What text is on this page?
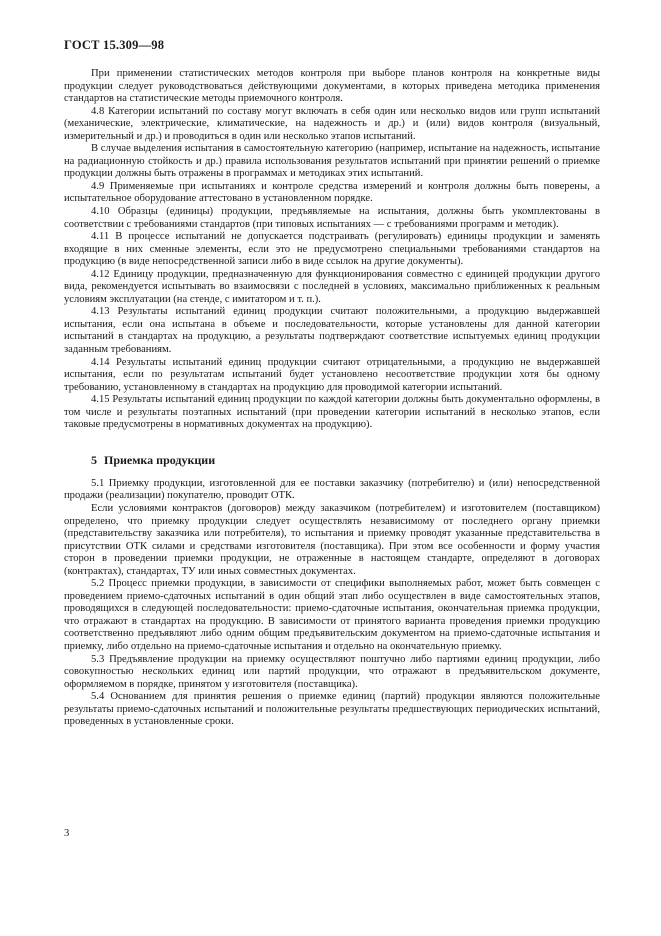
ГОСТ 15.309—98

При применении статистических методов контроля при выборе планов контроля на конкретные виды продукции следует руководствоваться действующими документами, в которых приведена методика применения стандартов на статистические методы приемочного контроля.

4.8 Категории испытаний по составу могут включать в себя один или несколько видов или групп испытаний (механические, электрические, климатические, на надежность и др.) и (или) видов контроля (визуальный, измерительный и др.) и проводиться в один или несколько этапов испытаний.

В случае выделения испытания в самостоятельную категорию (например, испытание на надежность, испытание на радиационную стойкость и др.) правила использования результатов испытаний при принятии решений о приемке продукции должны быть отражены в программах и методиках этих испытаний.

4.9 Применяемые при испытаниях и контроле средства измерений и контроля должны быть поверены, а испытательное оборудование аттестовано в установленном порядке.

4.10 Образцы (единицы) продукции, предъявляемые на испытания, должны быть укомплектованы в соответствии с требованиями стандартов (при типовых испытаниях — с требованиями программ и методик).

4.11 В процессе испытаний не допускается подстраивать (регулировать) единицы продукции и заменять входящие в них сменные элементы, если это не предусмотрено специальными требованиями стандартов на продукцию (в виде непосредственной записи либо в виде ссылок на другие документы).

4.12 Единицу продукции, предназначенную для функционирования совместно с единицей продукции другого вида, рекомендуется испытывать во взаимосвязи с последней в условиях, максимально приближенных к реальным условиям эксплуатации (на стенде, с имитатором и т. п.).

4.13 Результаты испытаний единиц продукции считают положительными, а продукцию выдержавшей испытания, если она испытана в объеме и последовательности, которые установлены для данной категории испытаний в стандартах на продукцию, а результаты подтверждают соответствие испытуемых единиц продукции заданным требованиям.

4.14 Результаты испытаний единиц продукции считают отрицательными, а продукцию не выдержавшей испытания, если по результатам испытаний будет установлено несоответствие продукции хотя бы одному требованию, установленному в стандартах на продукцию для проводимой категории испытаний.

4.15 Результаты испытаний единиц продукции по каждой категории должны быть документально оформлены, в том числе и результаты поэтапных испытаний (при проведении категории испытаний в несколько этапов, если таковые предусмотрены в нормативных документах на продукцию).

5 Приемка продукции

5.1 Приемку продукции, изготовленной для ее поставки заказчику (потребителю) и (или) непосредственной продажи (реализации) покупателю, проводит ОТК.

Если условиями контрактов (договоров) между заказчиком (потребителем) и изготовителем (поставщиком) определено, что приемку продукции следует осуществлять независимому от последнего органу приемки (представительству заказчика или потребителя), то испытания и приемку проводят указанные представительства в присутствии ОТК силами и средствами изготовителя (поставщика). При этом все особенности и форму участия сторон в проведении приемки продукции, не отраженные в настоящем стандарте, определяют в договорах (контрактах), стандартах, ТУ или иных совместных документах.

5.2 Процесс приемки продукции, в зависимости от специфики выполняемых работ, может быть совмещен с проведением приемо-сдаточных испытаний в один общий этап либо осуществлен в виде самостоятельных этапов, проводящихся в следующей последовательности: приемо-сдаточные испытания, окончательная приемка продукции, что отражают в стандартах на продукцию. В зависимости от принятого варианта проведения приемки продукцию соответственно предъявляют либо одним общим предъявительским документом на приемо-сдаточные испытания и приемку, либо отдельно на приемо-сдаточные испытания и отдельно на окончательную приемку.

5.3 Предъявление продукции на приемку осуществляют поштучно либо партиями единиц продукции, либо совокупностью нескольких единиц или партий продукции, что отражают в предъявительском документе, оформляемом в порядке, принятом у изготовителя (поставщика).

5.4 Основанием для принятия решения о приемке единиц (партий) продукции являются положительные результаты приемо-сдаточных испытаний и положительные результаты предшествующих периодических испытаний, проведенных в установленные сроки.

3
